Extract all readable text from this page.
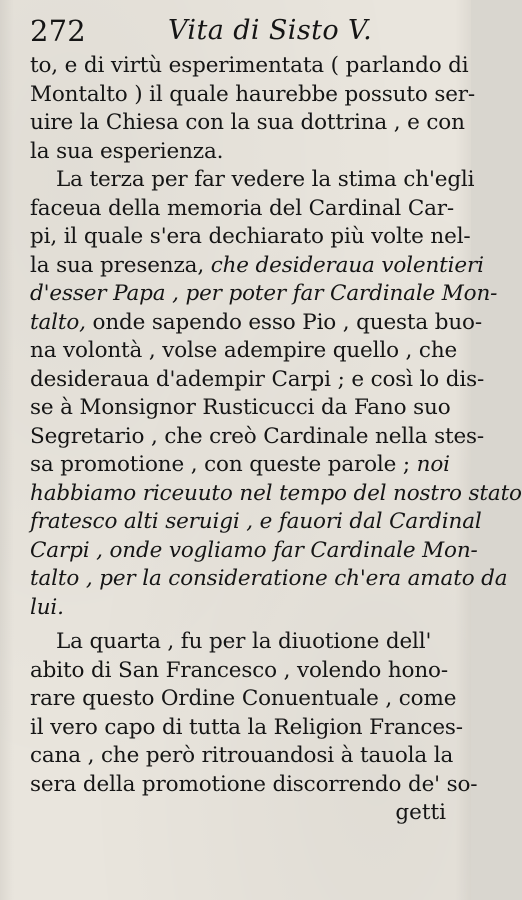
272	Vita di Sisto V.
to, e di virtù esperimentata ( parlando di
Montalto ) il quale haurebbe possuto ser-
uire la Chiesa con la sua dottrina , e con
la sua esperienza.
La terza per far vedere la stima ch'egli
faceua della memoria del Cardinal Car-
pi, il quale s'era dechiarato più volte nel-
la sua presenza, che desideraua volentieri
d'esser Papa , per poter far Cardinale Mon-
talto, onde sapendo esso Pio , questa buo-
na volontà , volse adempire quello , che
desideraua d'adempir Carpi ; e così lo dis-
se à Monsignor Rusticucci da Fano suo
Segretario , che creò Cardinale nella stes-
sa promotione , con queste parole ; noi
habbiamo riceuuto nel tempo del nostro stato
fratesco alti seruigi , e fauori dal Cardinal
Carpi , onde vogliamo far Cardinale Mon-
talto , per la consideratione ch'era amato da
lui.
La quarta , fu per la diuotione dell'
abito di San Francesco , volendo hono-
rare questo Ordine Conuentuale , come
il vero capo di tutta la Religion Frances-
cana , che però ritrouandosi à tauola la
sera della promotione discorrendo de' so-
getti
